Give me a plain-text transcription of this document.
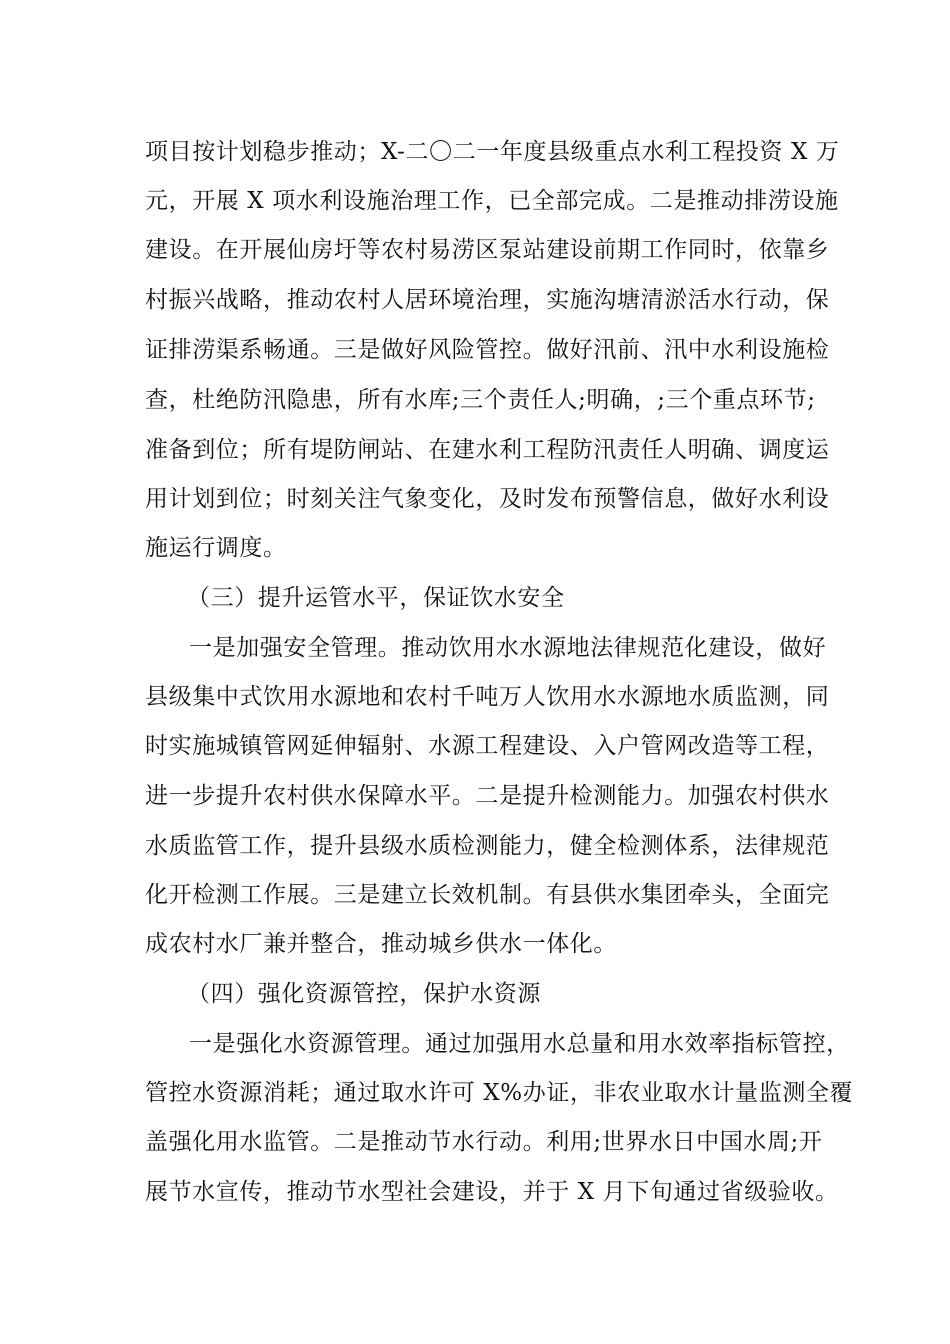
项目按计划稳步推动；X-二〇二一年度县级重点水利工程投资 X 万
元，开展 X 项水利设施治理工作，已全部完成。二是推动排涝设施
建设。在开展仙房圩等农村易涝区泵站建设前期工作同时，依靠乡
村振兴战略，推动农村人居环境治理，实施沟塘清淤活水行动，保
证排涝渠系畅通。三是做好风险管控。做好汛前、汛中水利设施检
查，杜绝防汛隐患，所有水库;三个责任人;明确，;三个重点环节;
准备到位；所有堤防闸站、在建水利工程防汛责任人明确、调度运
用计划到位；时刻关注气象变化，及时发布预警信息，做好水利设
施运行调度。
（三）提升运管水平，保证饮水安全
一是加强安全管理。推动饮用水水源地法律规范化建设，做好
县级集中式饮用水源地和农村千吨万人饮用水水源地水质监测，同
时实施城镇管网延伸辐射、水源工程建设、入户管网改造等工程，
进一步提升农村供水保障水平。二是提升检测能力。加强农村供水
水质监管工作，提升县级水质检测能力，健全检测体系，法律规范
化开检测工作展。三是建立长效机制。有县供水集团牵头，全面完
成农村水厂兼并整合，推动城乡供水一体化。
（四）强化资源管控，保护水资源
一是强化水资源管理。通过加强用水总量和用水效率指标管控，
管控水资源消耗；通过取水许可 X%办证，非农业取水计量监测全覆
盖强化用水监管。二是推动节水行动。利用;世界水日中国水周;开
展节水宣传，推动节水型社会建设，并于 X 月下旬通过省级验收。
